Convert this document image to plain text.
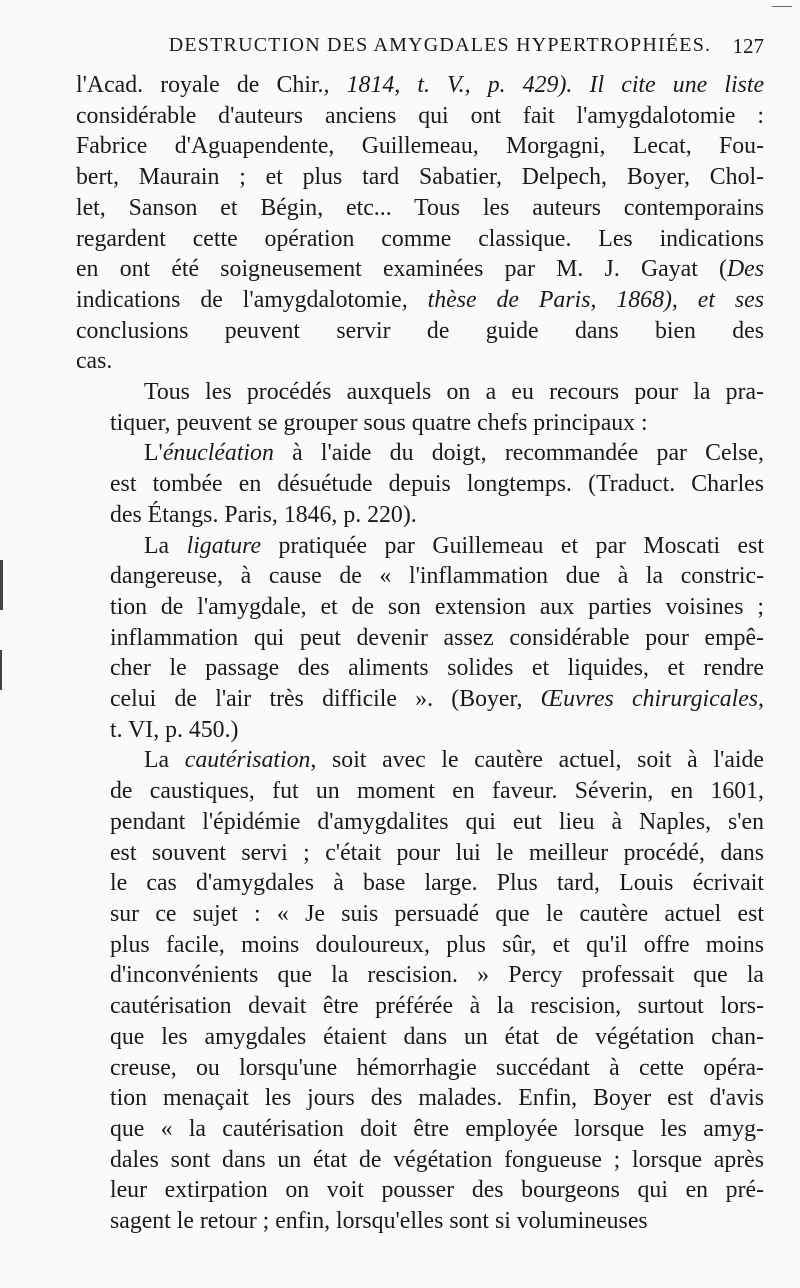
DESTRUCTION DES AMYGDALES HYPERTROPHIÉES. 127

l'Acad. royale de Chir., 1814, t. V., p. 429). Il cite une liste
considérable d'auteurs anciens qui ont fait l'amygdalotomie :
Fabrice d'Aguapendente, Guillemeau, Morgagni, Lecat, Fou-
bert, Maurain ; et plus tard Sabatier, Delpech, Boyer, Chol-
let, Sanson et Bégin, etc... Tous les auteurs contemporains
regardent cette opération comme classique. Les indications
en ont été soigneusement examinées par M. J. Gayat (Des
indications de l'amygdalotomie, thèse de Paris, 1868), et ses
conclusions peuvent servir de guide dans bien des
cas.

Tous les procédés auxquels on a eu recours pour la pra-
tiquer, peuvent se grouper sous quatre chefs principaux :

L'énucléation à l'aide du doigt, recommandée par Celse,
est tombée en désuétude depuis longtemps. (Traduct. Charles
des Étangs. Paris, 1846, p. 220).

La ligature pratiquée par Guillemeau et par Moscati est
dangereuse, à cause de « l'inflammation due à la constric-
tion de l'amygdale, et de son extension aux parties voisines ;
inflammation qui peut devenir assez considérable pour empê-
cher le passage des aliments solides et liquides, et rendre
celui de l'air très difficile ». (Boyer, Œuvres chirurgicales,
t. VI, p. 450.)

La cautérisation, soit avec le cautère actuel, soit à l'aide
de caustiques, fut un moment en faveur. Séverin, en 1601,
pendant l'épidémie d'amygdalites qui eut lieu à Naples, s'en
est souvent servi ; c'était pour lui le meilleur procédé, dans
le cas d'amygdales à base large. Plus tard, Louis écrivait
sur ce sujet : « Je suis persuadé que le cautère actuel est
plus facile, moins douloureux, plus sûr, et qu'il offre moins
d'inconvénients que la rescision. » Percy professait que la
cautérisation devait être préférée à la rescision, surtout lors-
que les amygdales étaient dans un état de végétation chan-
creuse, ou lorsqu'une hémorrhagie succédant à cette opéra-
tion menaçait les jours des malades. Enfin, Boyer est d'avis
que « la cautérisation doit être employée lorsque les amyg-
dales sont dans un état de végétation fongueuse ; lorsque après
leur extirpation on voit pousser des bourgeons qui en pré-
sagent le retour ; enfin, lorsqu'elles sont si volumineuses
